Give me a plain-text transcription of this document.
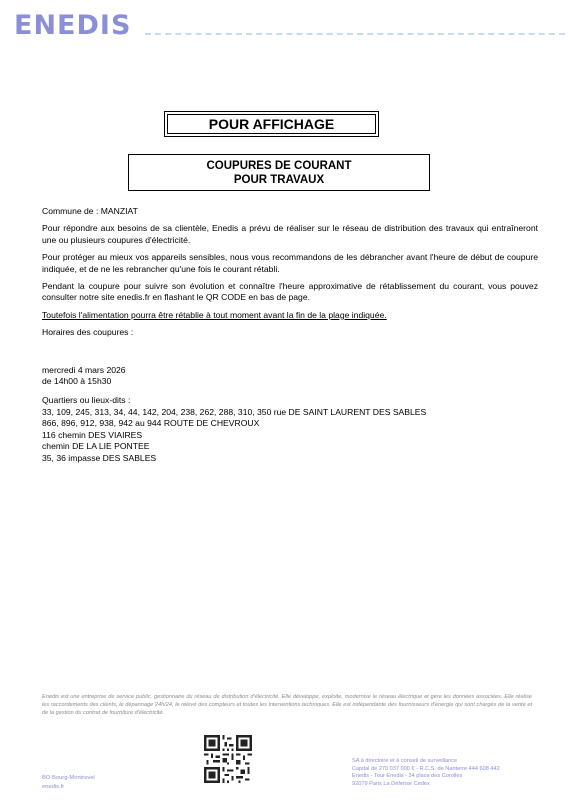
ENEDIS
POUR AFFICHAGE
COUPURES DE COURANT
POUR TRAVAUX

Commune de : MANZIAT

Pour répondre aux besoins de sa clientèle, Enedis a prévu de réaliser sur le réseau de distribution des travaux qui entraîneront une ou plusieurs coupures d'électricité.

Pour protéger au mieux vos appareils sensibles, nous vous recommandons de les débrancher avant l'heure de début de coupure indiquée, et de ne les rebrancher qu'une fois le courant rétabli.

Pendant la coupure pour suivre son évolution et connaître l'heure approximative de rétablissement du courant, vous pouvez consulter notre site enedis.fr en flashant le QR CODE en bas de page.

Toutefois l'alimentation pourra être rétablie à tout moment avant la fin de la plage indiquée.

Horaires des coupures :

mercredi 4 mars 2026
de 14h00 à 15h30
Quartiers ou lieux-dits :
33, 109, 245, 313, 34, 44, 142, 204, 238, 262, 288, 310, 350 rue DE SAINT LAURENT DES SABLES
866, 896, 912, 938, 942 au 944 ROUTE DE CHEVROUX
116 chemin DES VIAIRES
chemin DE LA LIE PONTEE
35, 36 impasse DES SABLES
Enedis est une entreprise de service public, gestionnaire du réseau de distribution d'électricité. Elle développe, exploite, modernise le réseau électrique et gère les données associées. Elle réalise les raccordements des clients, le dépannage 24h/24, le relevé des compteurs et toutes les interventions techniques. Elle est indépendante des fournisseurs d'énergie qui sont chargés de la vente et de la gestion du contrat de fourniture d'électricité.
BO Bourg-Montrevel
enedis.fr
SA à directoire et à conseil de surveillance
Capital de 270 037 000 € - R.C.S. de Nanterre 444 608 442
Enedis - Tour Enedis - 34 place des Corolles
92079 Paris La Défense Cedex
